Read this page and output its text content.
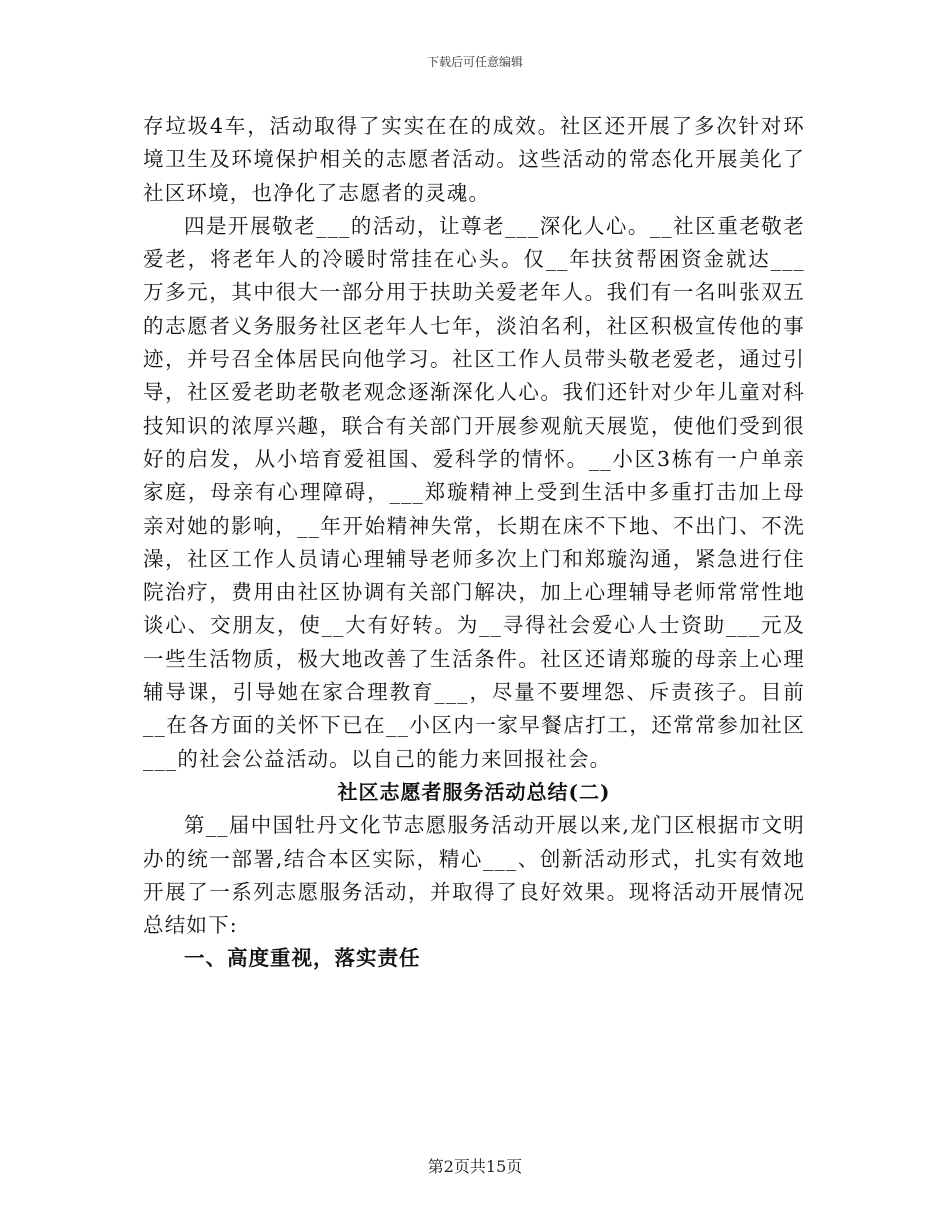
下载后可任意编辑

存垃圾4车，活动取得了实实在在的成效。社区还开展了多次针对环境卫生及环境保护相关的志愿者活动。这些活动的常态化开展美化了社区环境，也净化了志愿者的灵魂。

四是开展敬老___的活动，让尊老___深化人心。__社区重老敬老爱老，将老年人的冷暖时常挂在心头。仅__年扶贫帮困资金就达___万多元，其中很大一部分用于扶助关爱老年人。我们有一名叫张双五的志愿者义务服务社区老年人七年，淡泊名利，社区积极宣传他的事迹，并号召全体居民向他学习。社区工作人员带头敬老爱老，通过引导，社区爱老助老敬老观念逐渐深化人心。我们还针对少年儿童对科技知识的浓厚兴趣，联合有关部门开展参观航天展览，使他们受到很好的启发，从小培育爱祖国、爱科学的情怀。__小区3栋有一户单亲家庭，母亲有心理障碍，___郑璇精神上受到生活中多重打击加上母亲对她的影响，__年开始精神失常，长期在床不下地、不出门、不洗澡，社区工作人员请心理辅导老师多次上门和郑璇沟通，紧急进行住院治疗，费用由社区协调有关部门解决，加上心理辅导老师常常性地谈心、交朋友，使__大有好转。为__寻得社会爱心人士资助___元及一些生活物质，极大地改善了生活条件。社区还请郑璇的母亲上心理辅导课，引导她在家合理教育___，尽量不要埋怨、斥责孩子。目前__在各方面的关怀下已在__小区内一家早餐店打工，还常常参加社区___的社会公益活动。以自己的能力来回报社会。

社区志愿者服务活动总结(二)

第__届中国牡丹文化节志愿服务活动开展以来,龙门区根据市文明办的统一部署,结合本区实际，精心___、创新活动形式，扎实有效地开展了一系列志愿服务活动，并取得了良好效果。现将活动开展情况总结如下:

一、高度重视，落实责任

第2页共15页
